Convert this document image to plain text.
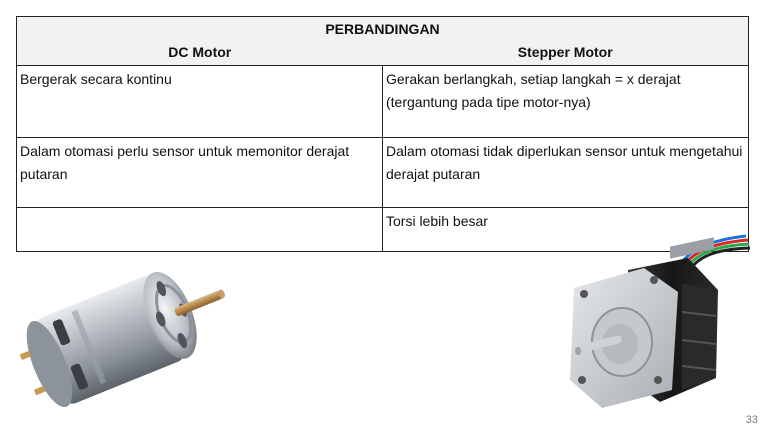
PERBANDINGAN	
DC Motor	Stepper Motor
Bergerak secara kontinu	Gerakan berlangkah, setiap langkah = x derajat (tergantung pada tipe motor-nya)
Dalam otomasi perlu sensor untuk memonitor derajat putaran	Dalam otomasi tidak diperlukan sensor untuk mengetahui derajat putaran
	Torsi lebih besar
33
